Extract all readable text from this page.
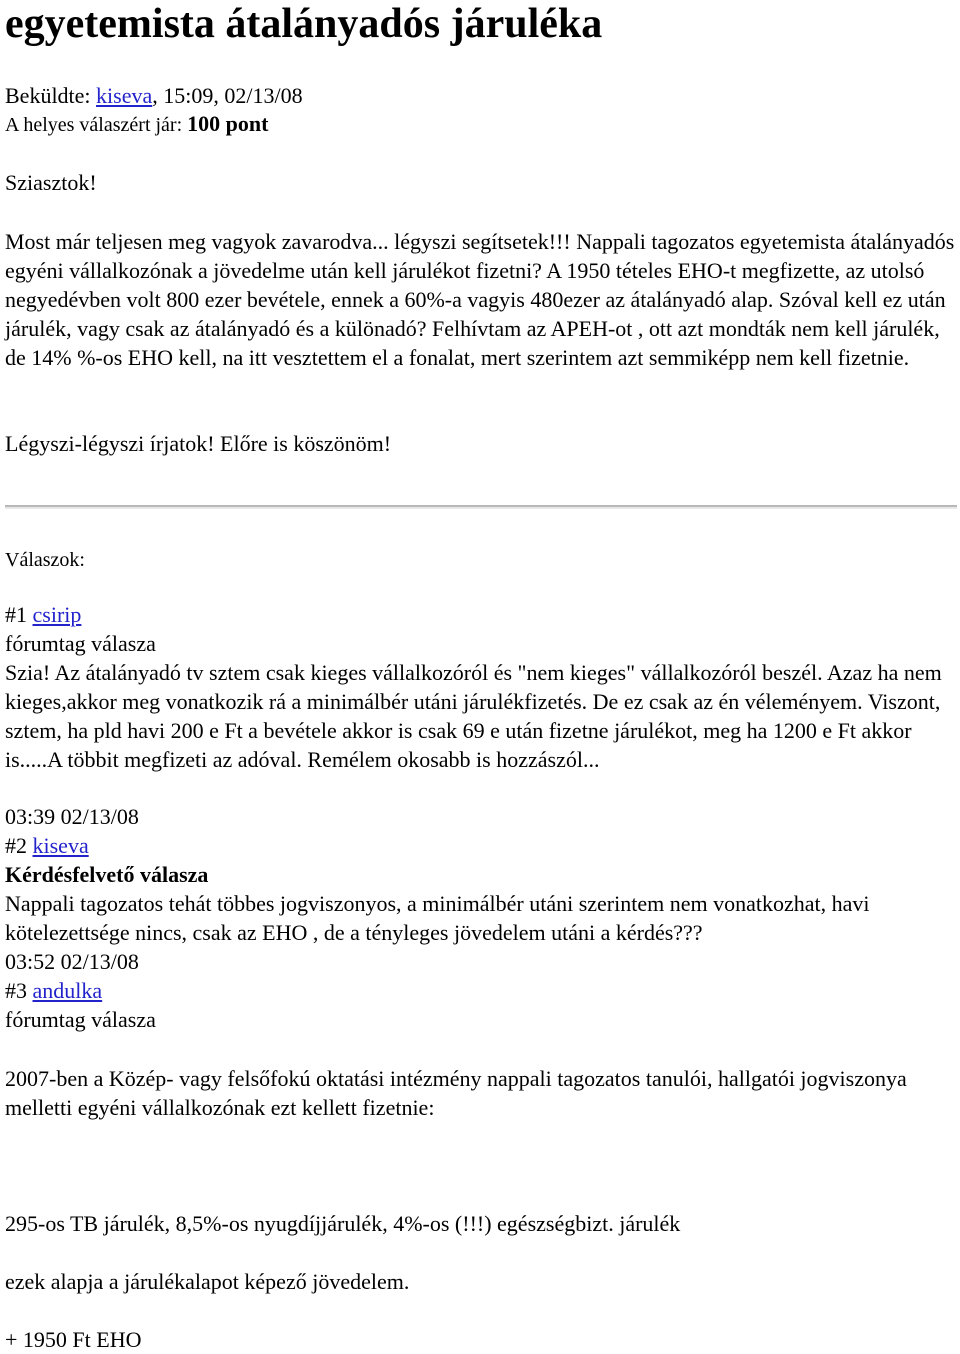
egyetemista átalányadós járuléka
Beküldte: kiseva, 15:09, 02/13/08
A helyes válaszért jár: 100 pont
Sziasztok!
Most már teljesen meg vagyok zavarodva... légyszi segítsetek!!! Nappali tagozatos egyetemista átalányadós egyéni vállalkozónak a jövedelme után kell járulékot fizetni? A 1950 tételes EHO-t megfizette, az utolsó negyedévben volt 800 ezer bevétele, ennek a 60%-a vagyis 480ezer az átalányadó alap. Szóval kell ez után járulék, vagy csak az átalányadó és a különadó? Felhívtam az APEH-ot , ott azt mondták nem kell járulék, de 14% %-os EHO kell, na itt vesztettem el a fonalat, mert szerintem azt semmiképp nem kell fizetnie.
Légyszi-légyszi írjatok! Előre is köszönöm!
Válaszok:
#1 csirip
fórumtag válasza
Szia! Az átalányadó tv sztem csak kieges vállalkozóról és "nem kieges" vállalkozóról beszél. Azaz ha nem kieges,akkor meg vonatkozik rá a minimálbér utáni járulékfizetés. De ez csak az én véleményem. Viszont, sztem, ha pld havi 200 e Ft a bevétele akkor is csak 69 e után fizetne járulékot, meg ha 1200 e Ft akkor is.....A többit megfizeti az adóval. Remélem okosabb is hozzászól...
03:39 02/13/08
#2 kiseva
Kérdésfelvető válasza
Nappali tagozatos tehát többes jogviszonyos, a minimálbér utáni szerintem nem vonatkozhat, havi kötelezettsége nincs, csak az EHO , de a tényleges jövedelem utáni a kérdés???
03:52 02/13/08
#3 andulka
fórumtag válasza
2007-ben a Közép- vagy felsőfokú oktatási intézmény nappali tagozatos tanulói, hallgatói jogviszonya melletti egyéni vállalkozónak ezt kellett fizetnie:
295-os TB járulék, 8,5%-os nyugdíjjárulék, 4%-os (!!!) egészségbizt. járulék
ezek alapja a járulékalapot képező jövedelem.
+ 1950 Ft EHO
